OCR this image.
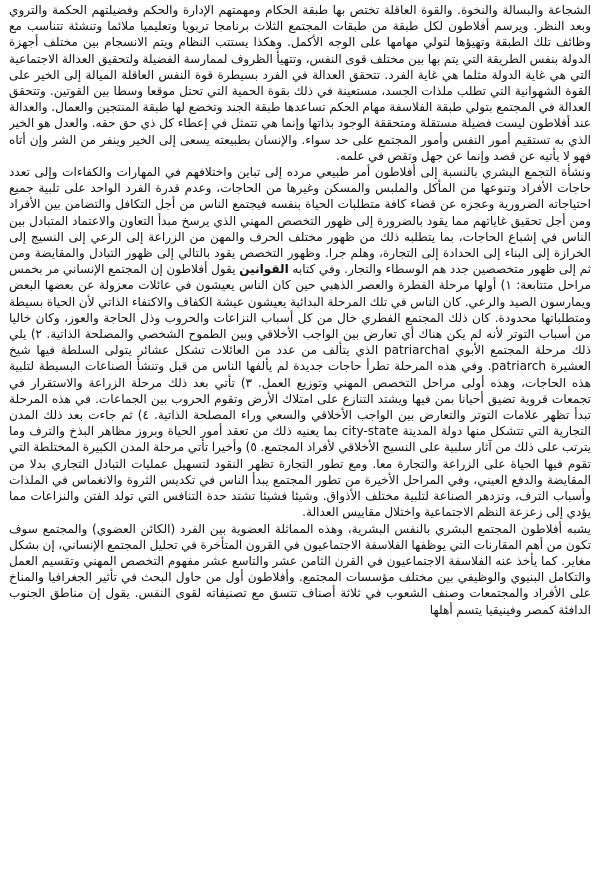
الشجاعة والبسالة والنخوة. والقوة العاقلة تختص بها طبقة الحكام ومهمتهم الإدارة والحكم وفضيلتهم الحكمة والتروي وبعد النظر. ويرسم أفلاطون لكل طبقة من طبقات المجتمع الثلاث برنامجا تربويا وتعليميا ملائما وتنشئة تتناسب مع وظائف تلك الطبقة وتهيؤها لتولي مهامها على الوجه الأكمل. وهكذا يستتب النظام ويتم الانسجام بين مختلف أجهزة الدولة بنفس الطريقة التي يتم بها بين مختلف قوى النفس، وتتهيأ الظروف لممارسة الفضيلة ولتحقيق العدالة الاجتماعية التي هي غاية الدولة مثلما هي غاية الفرد. تتحقق العدالة في الفرد بسيطرة قوة النفس العاقلة الميالة إلى الخير على القوة الشهوانية التي تطلب ملذات الجسد، مستعينة في ذلك بقوة الحمية التي تحتل موقعا وسطا بين القوتين. وتتحقق العدالة في المجتمع بتولي طبقة الفلاسفة مهام الحكم تساعدها طبقة الجند وتخضع لها طبقة المنتجين والعمال. والعدالة عند أفلاطون ليست فضيلة مستقلة ومتحققة الوجود بذاتها وإنما هي تتمثل في إعطاء كل ذي حق حقه. والعدل هو الخير الذي به تستقيم أمور النفس وأمور المجتمع على حد سواء. والإنسان بطبيعته يسعى إلى الخير وينفر من الشر وإن أتاه فهو لا يأتيه عن قصد وإنما عن جهل وتقص في علمه.

ونشأة التجمع البشري بالنسبة إلى أفلاطون أمر طبيعي مرده إلى تباين واختلافهم في المهارات والكفاءات وإلى تعدد حاجات الأفراد وتنوعها من المأكل والملبس والمسكن وغيرها من الحاجات، وعدم قدرة الفرد الواحد على تلبية جميع احتياجاته الضرورية وعجزه عن قضاء كافة متطلبات الحياة بنفسه فيجتمع الناس من أجل التكافل والتضامن بين الأفراد ومن أجل تحقيق غاياتهم مما يقود بالضرورة إلى ظهور التخصص المهني الذي يرسخ مبدأ التعاون والاعتماد المتبادل بين الناس في إشباع الحاجات، بما يتطلبه ذلك من ظهور مختلف الحرف والمهن من الزراعة إلى الرعي إلى النسيج إلى الخرازة إلى البناء إلى الحدادة إلى التجارة، وهلم جرا. وظهور التخصص يقود بالتالي إلى ظهور التبادل والمقايضة ومن ثم إلى ظهور متخصصين جدد هم الوسطاء والتجار. وفي كتابه القوانين يقول أفلاطون إن المجتمع الإنساني مر بخمس مراحل متتابعة: ١) أولها مرحلة الفطرة والعصر الذهبي حين كان الناس يعيشون في عائلات معزولة عن بعضها البعض ويمارسون الصيد والرعي. كان الناس في تلك المرحلة البدائية يعيشون عيشة الكفاف والاكتفاء الذاتي لأن الحياة بسيطة ومتطلباتها محدودة. كان ذلك المجتمع الفطري خال من كل أسباب النزاعات والحروب وذل الحاجة والعوز، وكان خاليا من أسباب التوتر لأنه لم يكن هناك أي تعارض بين الواجب الأخلاقي وبين الطموح الشخصي والمصلحة الذاتية. ٢) يلي ذلك مرحلة المجتمع الأبوي patriarchal الذي يتألف من عدد من العائلات تشكل عشائر يتولى السلطة فيها شيخ العشيرة patriarch. وفي هذه المرحلة تطرأ حاجات جديدة لم يألفها الناس من قبل وتنشأ الصناعات البسيطة لتلبية هذه الحاجات، وهذه أولى مراحل التخصص المهني وتوزيع العمل. ٣) تأتي بعد ذلك مرحلة الزراعة والاستقرار في تجمعات قروية تضيق أحيانا بمن فيها ويشتد التنازع على امتلاك الأرض وتقوم الحروب بين الجماعات. في هذه المرحلة تبدأ تظهر علامات التوتر والتعارض بين الواجب الأخلاقي والسعي وراء المصلحة الذاتية. ٤) ثم جاءت بعد ذلك المدن التجارية التي تتشكل منها دولة المدينة city-state بما يعنيه ذلك من تعقد أمور الحياة وبروز مظاهر البذخ والترف وما يترتب على ذلك من آثار سلبية على النسيج الأخلاقي لأفراد المجتمع. ٥) وأخيرا تأتي مرحلة المدن الكبيرة المختلطة التي تقوم فيها الحياة على الزراعة والتجارة معا. ومع تطور التجارة تظهر النقود لتسهيل عمليات التبادل التجاري بدلا من المقايضة والدفع العيني، وفي المراحل الأخيرة من تطور المجتمع يبدأ الناس في تكديس الثروة والانغماس في الملذات وأسباب الترف، وتزدهر الصناعة لتلبية مختلف الأذواق. وشيئا فشيئا تشتد حدة التنافس التي تولد الفتن والنزاعات مما يؤدي إلى زعزعة النظم الاجتماعية واختلال مقاييس العدالة.

يشبه أفلاطون المجتمع البشري بالنفس البشرية، وهذه المماثلة العضوية بين الفرد (الكائن العضوي) والمجتمع سوف تكون من أهم المقارنات التي يوظفها الفلاسفة الاجتماعيون في القرون المتأخرة في تحليل المجتمع الإنساني، إن بشكل مغاير. كما يأخذ عنه الفلاسفة الاجتماعيون في القرن الثامن عشر والتاسع عشر مفهوم التخصص المهني وتقسيم العمل والتكامل البنيوي والوظيفي بين مختلف مؤسسات المجتمع. وأفلاطون أول من حاول البحث في تأثير الجغرافيا والمناخ على الأفراد والمجتمعات وصنف الشعوب في ثلاثة أصناف تتسق مع تصنيفاته لقوى النفس. يقول إن مناطق الجنوب الدافئة كمصر وفينيقيا يتسم أهلها
